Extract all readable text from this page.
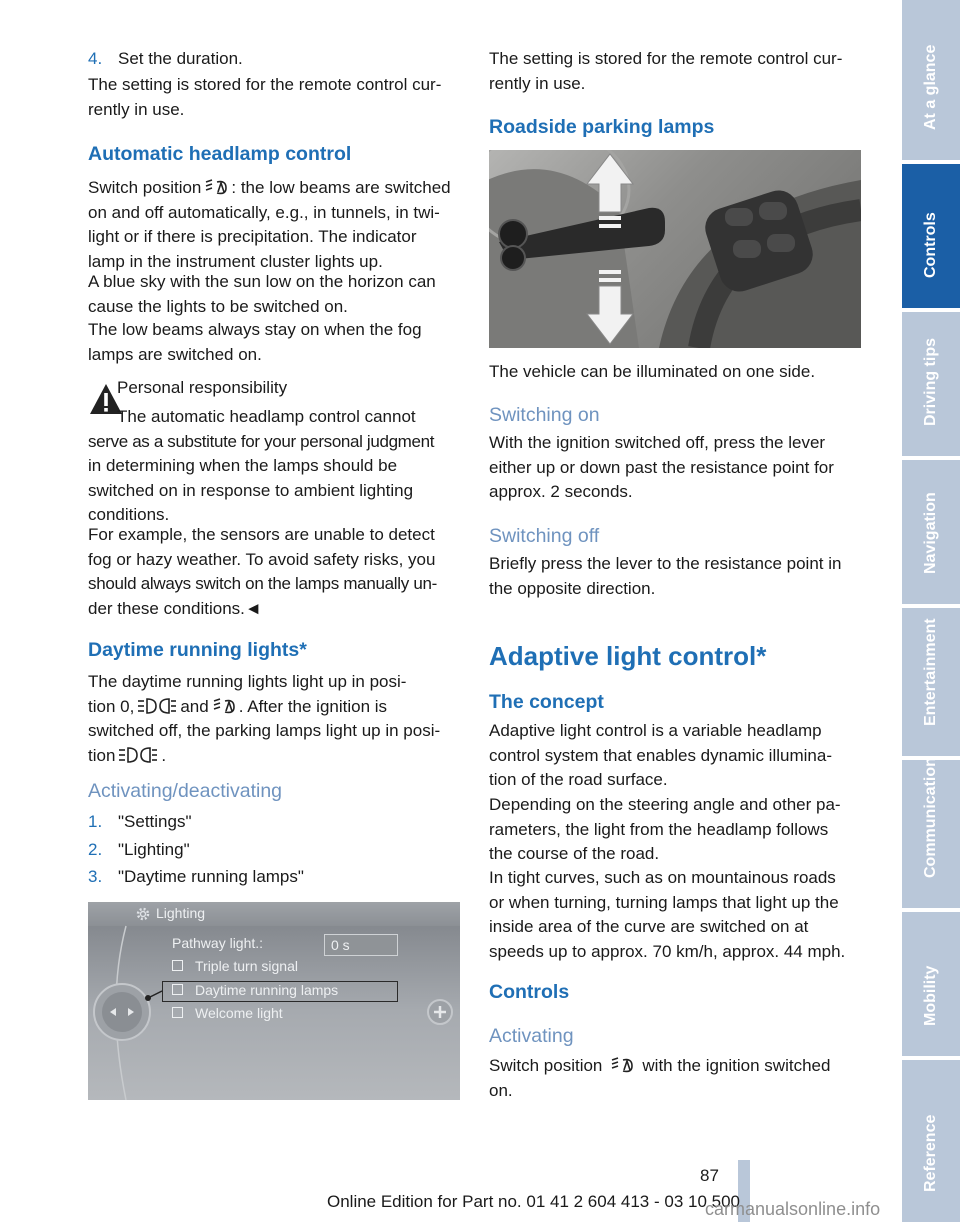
4. Set the duration.

The setting is stored for the remote control cur-

rently in use.

Automatic headlamp control

Switch position : the low beams are switched

on and off automatically, e.g., in tunnels, in twi-

light or if there is precipitation. The indicator

lamp in the instrument cluster lights up.

A blue sky with the sun low on the horizon can

cause the lights to be switched on.

The low beams always stay on when the fog

lamps are switched on.

Personal responsibility

The automatic headlamp control cannot

serve as a substitute for your personal judgment

in determining when the lamps should be

switched on in response to ambient lighting

conditions.

For example, the sensors are unable to detect

fog or hazy weather. To avoid safety risks, you

should always switch on the lamps manually un-

der these conditions.◄

Daytime running lights*

The daytime running lights light up in posi-

tion 0,	and . After the ignition is

switched off, the parking lamps light up in posi-

tion	.

Activating/deactivating
1. "Settings"
2. "Lighting"
3. "Daytime running lamps"
Lighting
Pathway light.:	0 s
Triple turn signal
Daytime running lamps
Welcome light

The setting is stored for the remote control cur-

rently in use.

Roadside parking lamps

The vehicle can be illuminated on one side.

Switching on

With the ignition switched off, press the lever

either up or down past the resistance point for

approx. 2 seconds.

Switching off

Briefly press the lever to the resistance point in

the opposite direction.

Adaptive light control*
The concept

Adaptive light control is a variable headlamp

control system that enables dynamic illumina-

tion of the road surface.

Depending on the steering angle and other pa-

rameters, the light from the headlamp follows

the course of the road.

In tight curves, such as on mountainous roads

or when turning, turning lamps that light up the

inside area of the curve are switched on at

speeds up to approx. 70 km/h, approx. 44 mph.

Controls
Activating

Switch position with the ignition switched

on.

At a glance
Controls
Driving tips
Navigation
Entertainment
Communication
Mobility
Reference
87
Online Edition for Part no. 01 41 2 604 413 - 03 10 500
carmanualsonline.info
